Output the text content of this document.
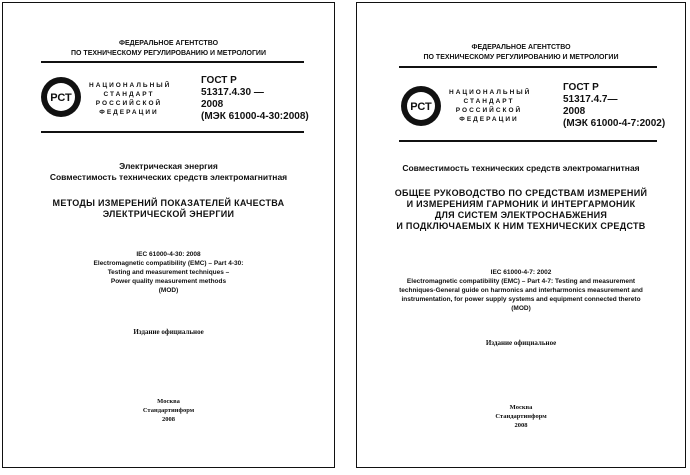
ФЕДЕРАЛЬНОЕ АГЕНТСТВО
ПО ТЕХНИЧЕСКОМУ РЕГУЛИРОВАНИЮ И МЕТРОЛОГИИ
РСТ
НАЦИОНАЛЬНЫЙ
СТАНДАРТ
РОССИЙСКОЙ
ФЕДЕРАЦИИ
ГОСТ Р
51317.4.30 —
2008
(МЭК 61000-4-30:2008)
Электрическая энергия
Совместимость технических средств электромагнитная
МЕТОДЫ ИЗМЕРЕНИЙ ПОКАЗАТЕЛЕЙ КАЧЕСТВА
ЭЛЕКТРИЧЕСКОЙ ЭНЕРГИИ
IEC 61000-4-30: 2008
Electromagnetic compatibility (EMC) – Part 4-30:
Testing and measurement techniques –
Power quality measurement methods
(MOD)
Издание официальное
Москва
Стандартинформ
2008
ФЕДЕРАЛЬНОЕ АГЕНТСТВО
ПО ТЕХНИЧЕСКОМУ РЕГУЛИРОВАНИЮ И МЕТРОЛОГИИ
РСТ
НАЦИОНАЛЬНЫЙ
СТАНДАРТ
РОССИЙСКОЙ
ФЕДЕРАЦИИ
ГОСТ Р
51317.4.7—
2008
(МЭК 61000-4-7:2002)
Совместимость технических средств электромагнитная
ОБЩЕЕ РУКОВОДСТВО ПО СРЕДСТВАМ ИЗМЕРЕНИЙ
И ИЗМЕРЕНИЯМ ГАРМОНИК И ИНТЕРГАРМОНИК
ДЛЯ СИСТЕМ ЭЛЕКТРОСНАБЖЕНИЯ
И ПОДКЛЮЧАЕМЫХ К НИМ ТЕХНИЧЕСКИХ СРЕДСТВ
IEC 61000-4-7: 2002
Electromagnetic compatibility (EMC) – Part 4-7: Testing and measurement
techniques-General guide on harmonics and interharmonics measurement and
instrumentation, for power supply systems and equipment connected thereto
(MOD)
Издание официальное
Москва
Стандартинформ
2008
